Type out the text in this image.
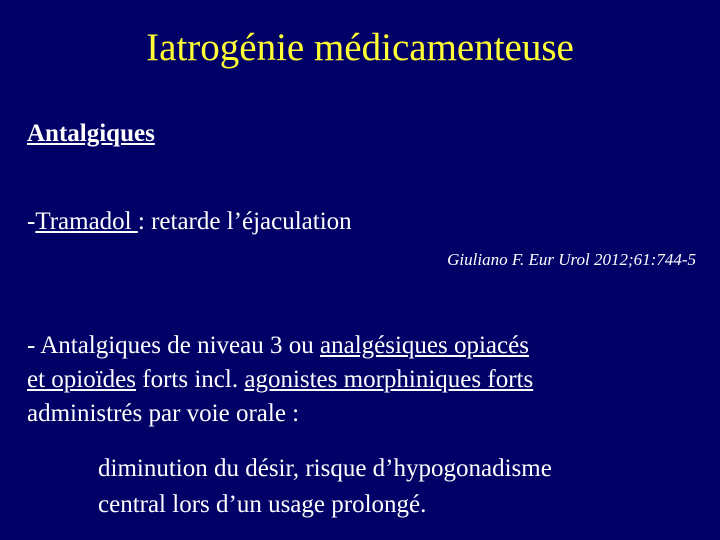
Iatrogénie médicamenteuse
Antalgiques
-Tramadol : retarde l’éjaculation
Giuliano F. Eur Urol 2012;61:744-5
- Antalgiques de niveau 3 ou analgésiques opiacés
et opioïdes forts incl. agonistes morphiniques forts
administrés par voie orale :
diminution du désir, risque d’hypogonadisme
central lors d’un usage prolongé.
